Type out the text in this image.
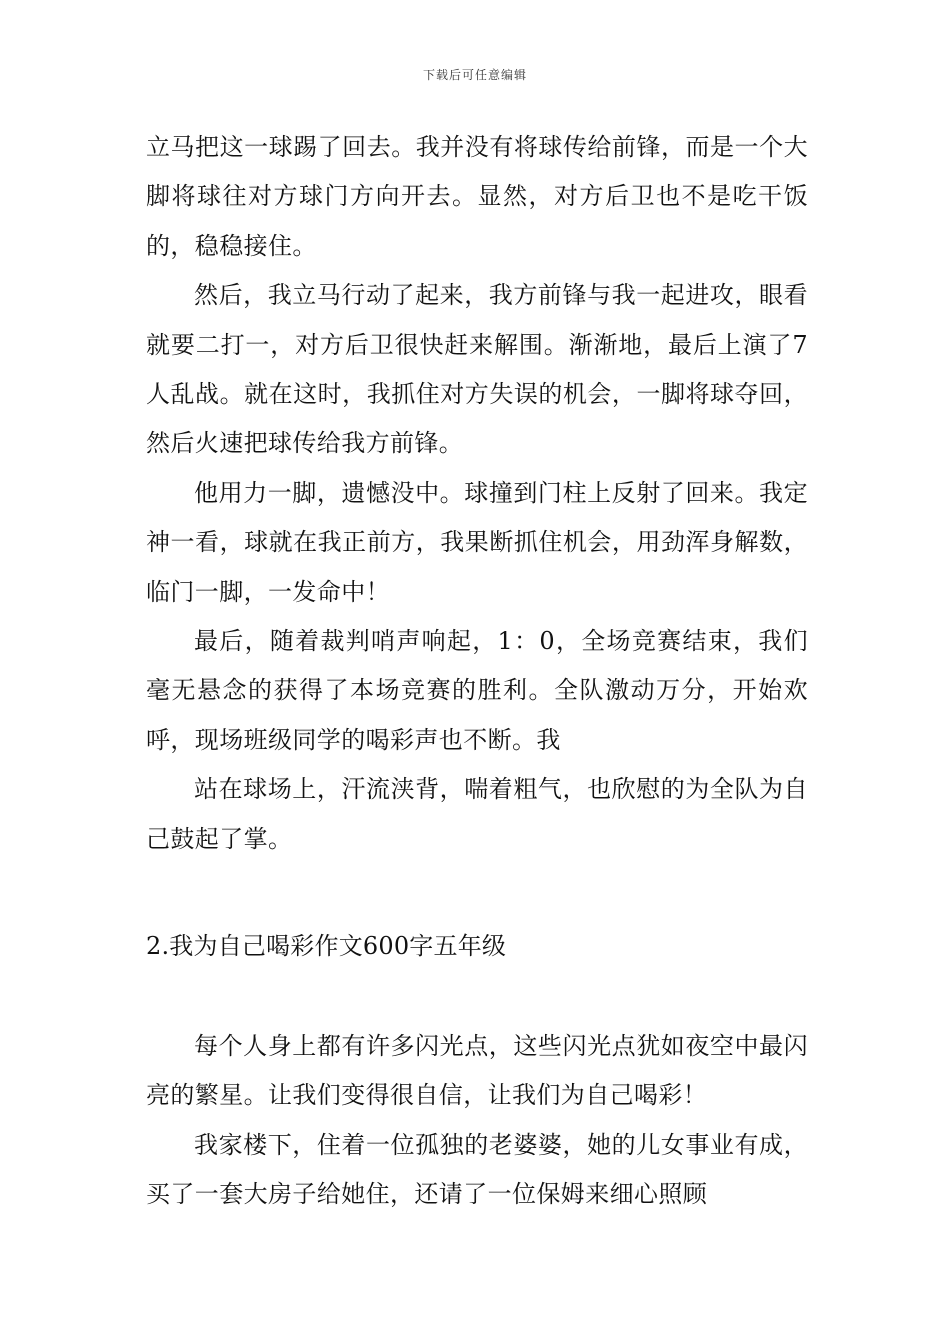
下载后可任意编辑

立马把这一球踢了回去。我并没有将球传给前锋，而是一个大脚将球往对方球门方向开去。显然，对方后卫也不是吃干饭的，稳稳接住。

然后，我立马行动了起来，我方前锋与我一起进攻，眼看就要二打一，对方后卫很快赶来解围。渐渐地，最后上演了7人乱战。就在这时，我抓住对方失误的机会，一脚将球夺回，然后火速把球传给我方前锋。

他用力一脚，遗憾没中。球撞到门柱上反射了回来。我定神一看，球就在我正前方，我果断抓住机会，用劲浑身解数，临门一脚，一发命中！

最后，随着裁判哨声响起，1：0，全场竞赛结束，我们毫无悬念的获得了本场竞赛的胜利。全队激动万分，开始欢呼，现场班级同学的喝彩声也不断。我

站在球场上，汗流浃背，喘着粗气，也欣慰的为全队为自己鼓起了掌。

2.我为自己喝彩作文600字五年级

每个人身上都有许多闪光点，这些闪光点犹如夜空中最闪亮的繁星。让我们变得很自信，让我们为自己喝彩！

我家楼下，住着一位孤独的老婆婆，她的儿女事业有成，买了一套大房子给她住，还请了一位保姆来细心照顾
